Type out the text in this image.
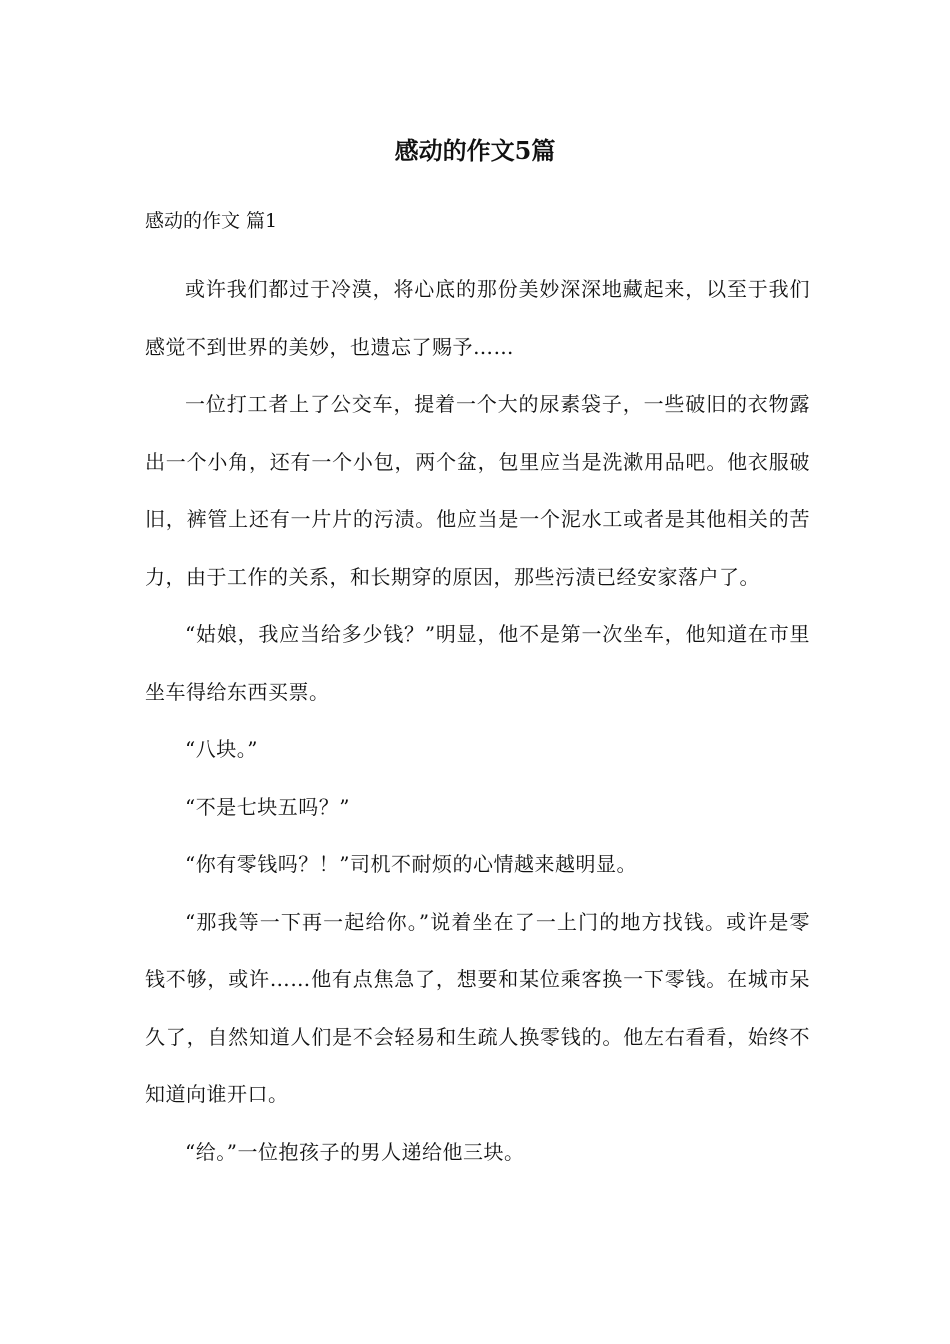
感动的作文5篇
感动的作文 篇1

或许我们都过于冷漠，将心底的那份美妙深深地藏起来，以至于我们感觉不到世界的美妙，也遗忘了赐予……

一位打工者上了公交车，提着一个大的尿素袋子，一些破旧的衣物露出一个小角，还有一个小包，两个盆，包里应当是洗漱用品吧。他衣服破旧，裤管上还有一片片的污渍。他应当是一个泥水工或者是其他相关的苦力，由于工作的关系，和长期穿的原因，那些污渍已经安家落户了。

“姑娘，我应当给多少钱？”明显，他不是第一次坐车，他知道在市里坐车得给东西买票。

“八块。”

“不是七块五吗？”

“你有零钱吗？！”司机不耐烦的心情越来越明显。

“那我等一下再一起给你。”说着坐在了一上门的地方找钱。或许是零钱不够，或许……他有点焦急了，想要和某位乘客换一下零钱。在城市呆久了，自然知道人们是不会轻易和生疏人换零钱的。他左右看看，始终不知道向谁开口。

“给。”一位抱孩子的男人递给他三块。
